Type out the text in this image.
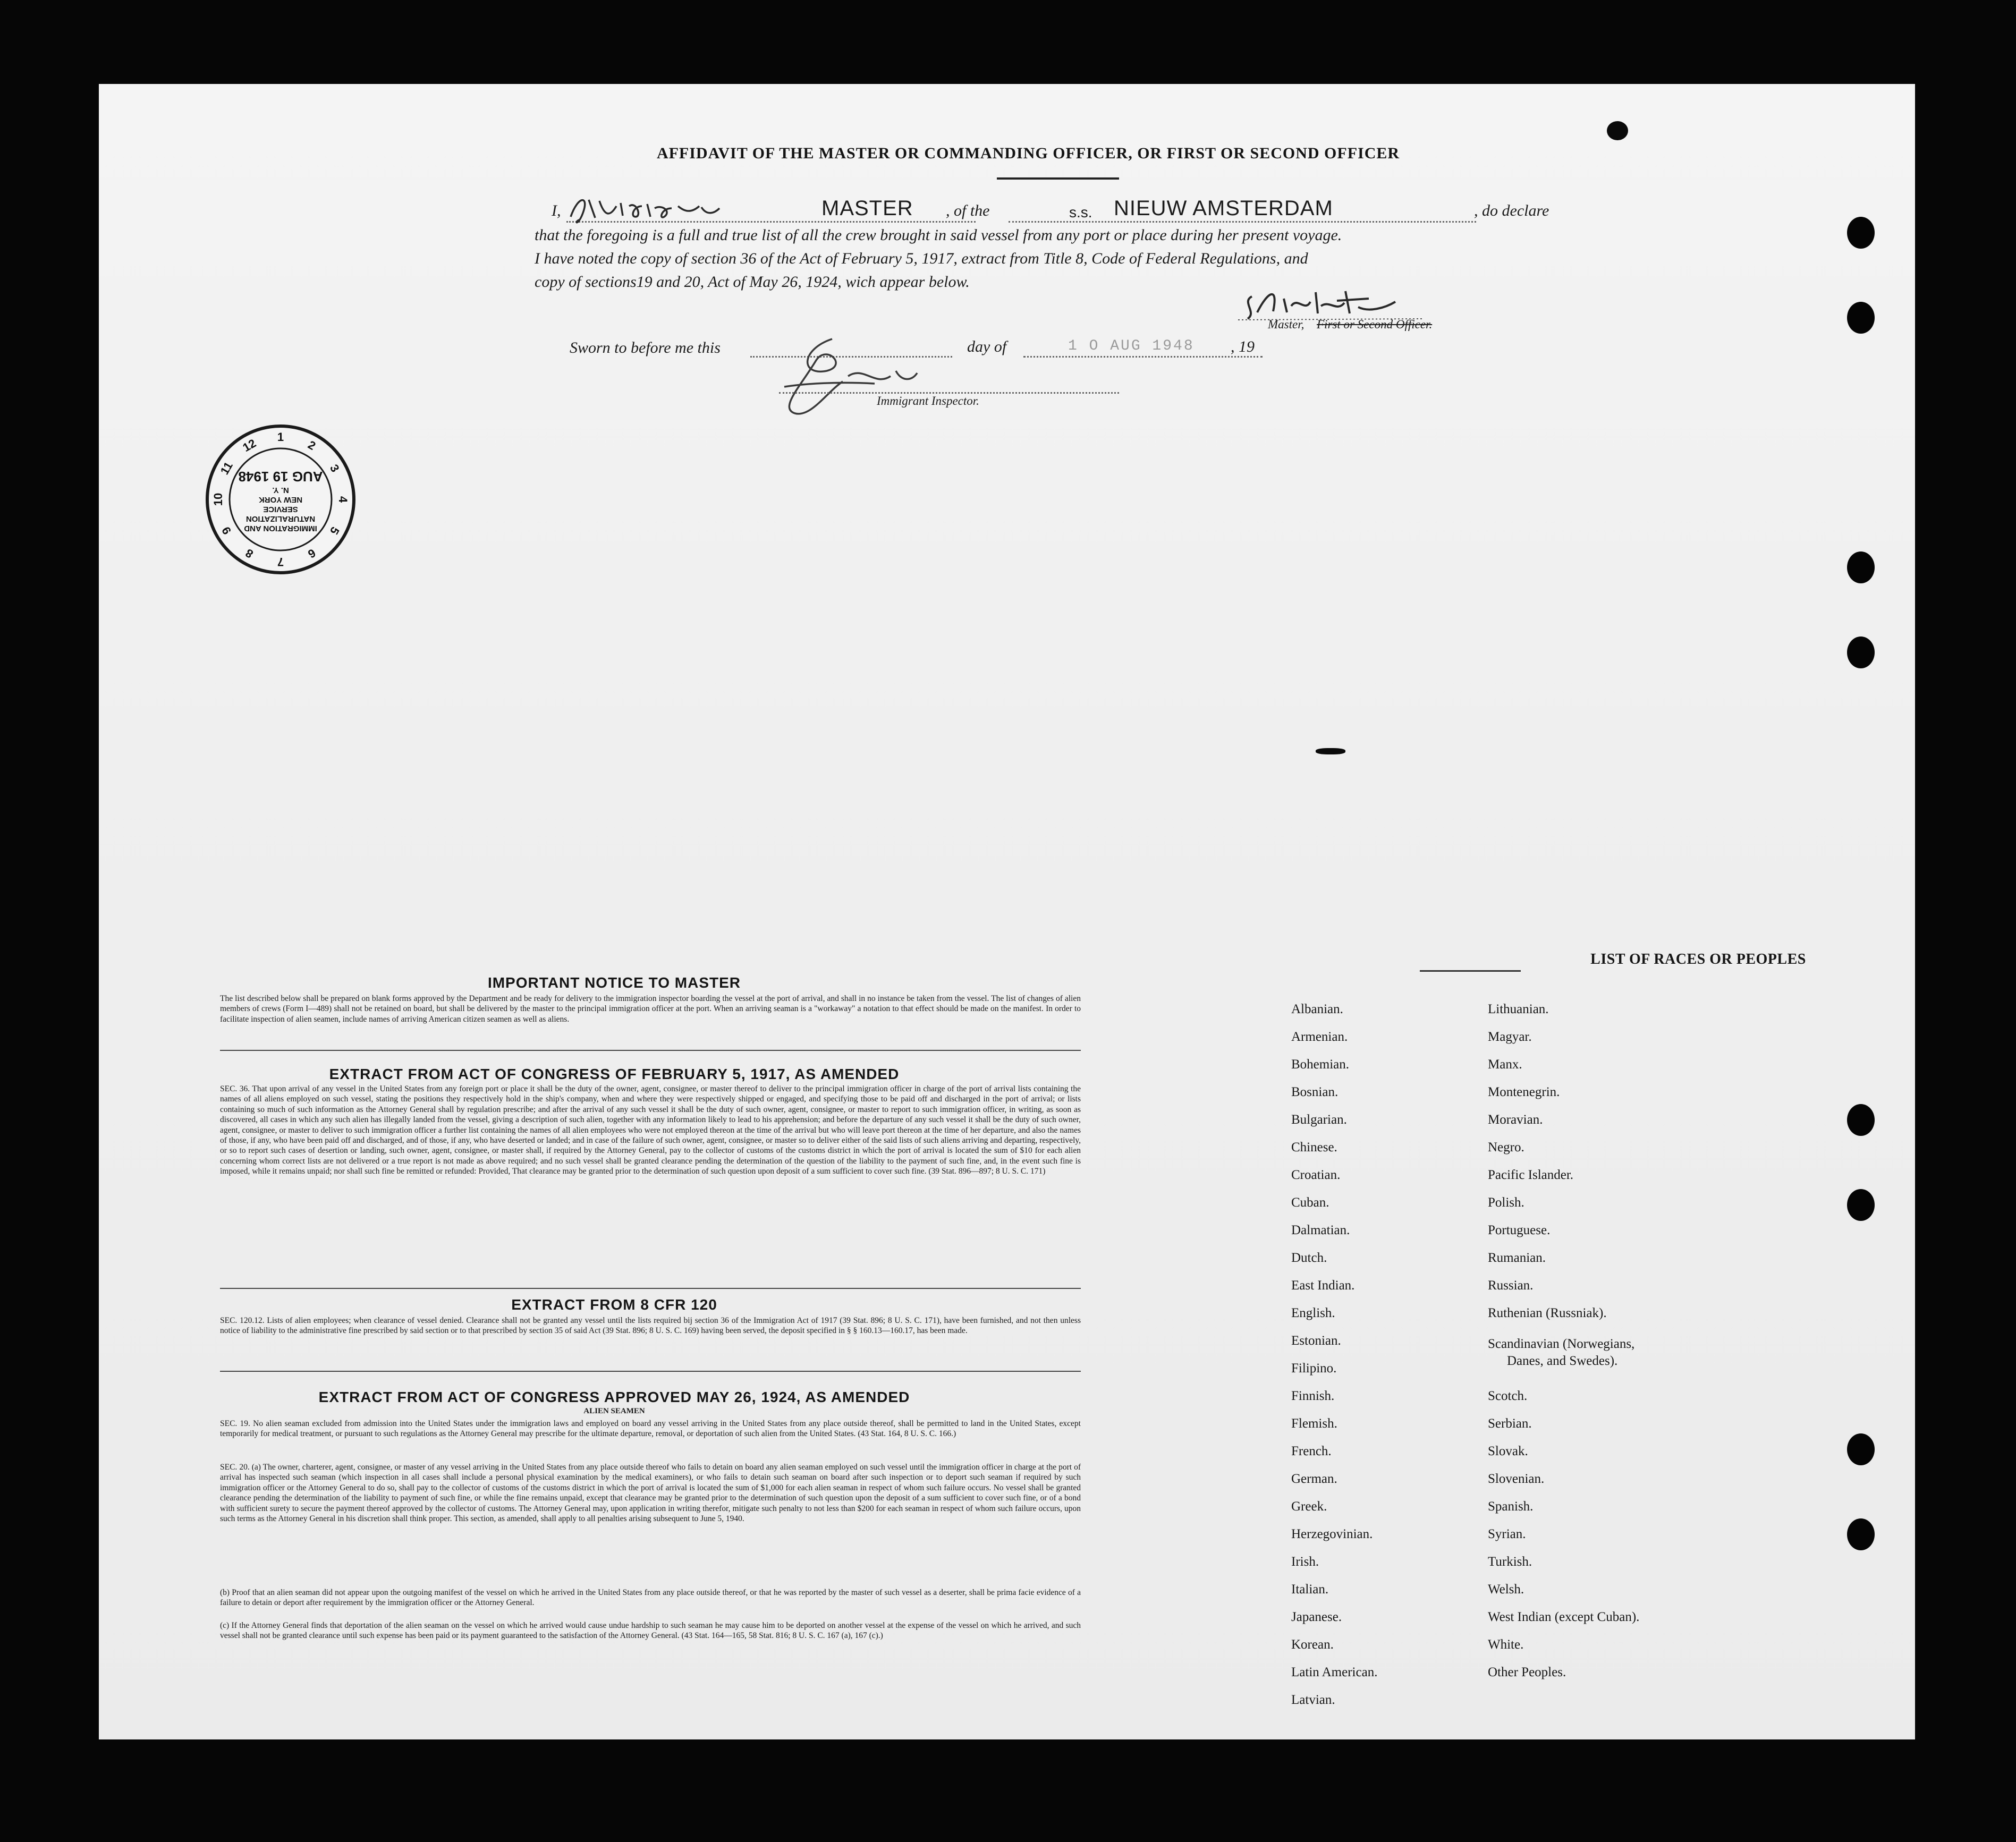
AFFIDAVIT OF THE MASTER OR COMMANDING OFFICER, OR FIRST OR SECOND OFFICER
I,	MASTER , of the	s.s. NIEUW AMSTERDAM	, do declare
that the foregoing is a full and true list of all the crew brought in said vessel from any port or place during her present voyage.
I have noted the copy of section 36 of the Act of February 5, 1917, extract from Title 8, Code of Federal Regulations, and
copy of sections19 and 20, Act of May 26, 1924, wich appear below.
Master, First or Second Officer.
Sworn to before me this	day of	1 O AUG 1948 , 19
Immigrant Inspector.
1
2
3
4
5
6
7
8
9
10
11
12
IMMIGRATION AND
NATURALIZATION
SERVICE
NEW YORK
N. Y.
AUG 19 1948
IMPORTANT NOTICE TO MASTER
The list described below shall be prepared on blank forms approved by the Department and be ready for delivery to the immigration inspector boarding the vessel at the port of arrival, and shall in no instance be taken from the vessel. The list of changes of alien members of crews (Form I—489) shall not be retained on board, but shall be delivered by the master to the principal immigration officer at the port. When an arriving seaman is a "workaway" a notation to that effect should be made on the manifest. In order to facilitate inspection of alien seamen, include names of arriving American citizen seamen as well as aliens.
EXTRACT FROM ACT OF CONGRESS OF FEBRUARY 5, 1917, AS AMENDED
SEC. 36. That upon arrival of any vessel in the United States from any foreign port or place it shall be the duty of the owner, agent, consignee, or master thereof to deliver to the principal immigration officer in charge of the port of arrival lists containing the names of all aliens employed on such vessel, stating the positions they respectively hold in the ship's company, when and where they were respectively shipped or engaged, and specifying those to be paid off and discharged in the port of arrival; or lists containing so much of such information as the Attorney General shall by regulation prescribe; and after the arrival of any such vessel it shall be the duty of such owner, agent, consignee, or master to report to such immigration officer, in writing, as soon as discovered, all cases in which any such alien has illegally landed from the vessel, giving a description of such alien, together with any information likely to lead to his apprehension; and before the departure of any such vessel it shall be the duty of such owner, agent, consignee, or master to deliver to such immigration officer a further list containing the names of all alien employees who were not employed thereon at the time of the arrival but who will leave port thereon at the time of her departure, and also the names of those, if any, who have been paid off and discharged, and of those, if any, who have deserted or landed; and in case of the failure of such owner, agent, consignee, or master so to deliver either of the said lists of such aliens arriving and departing, respectively, or so to report such cases of desertion or landing, such owner, agent, consignee, or master shall, if required by the Attorney General, pay to the collector of customs of the customs district in which the port of arrival is located the sum of $10 for each alien concerning whom correct lists are not delivered or a true report is not made as above required; and no such vessel shall be granted clearance pending the determination of the question of the liability to the payment of such fine, and, in the event such fine is imposed, while it remains unpaid; nor shall such fine be remitted or refunded: Provided, That clearance may be granted prior to the determination of such question upon deposit of a sum sufficient to cover such fine. (39 Stat. 896—897; 8 U. S. C. 171)
EXTRACT FROM 8 CFR 120
SEC. 120.12. Lists of alien employees; when clearance of vessel denied. Clearance shall not be granted any vessel until the lists required bij section 36 of the Immigration Act of 1917 (39 Stat. 896; 8 U. S. C. 171), have been furnished, and not then unless notice of liability to the administrative fine prescribed by said section or to that prescribed by section 35 of said Act (39 Stat. 896; 8 U. S. C. 169) having been served, the deposit specified in § § 160.13—160.17, has been made.
EXTRACT FROM ACT OF CONGRESS APPROVED MAY 26, 1924, AS AMENDED
ALIEN SEAMEN
SEC. 19. No alien seaman excluded from admission into the United States under the immigration laws and employed on board any vessel arriving in the United States from any place outside thereof, shall be permitted to land in the United States, except temporarily for medical treatment, or pursuant to such regulations as the Attorney General may prescribe for the ultimate departure, removal, or deportation of such alien from the United States. (43 Stat. 164, 8 U. S. C. 166.)
SEC. 20. (a) The owner, charterer, agent, consignee, or master of any vessel arriving in the United States from any place outside thereof who fails to detain on board any alien seaman employed on such vessel until the immigration officer in charge at the port of arrival has inspected such seaman (which inspection in all cases shall include a personal physical examination by the medical examiners), or who fails to detain such seaman on board after such inspection or to deport such seaman if required by such immigration officer or the Attorney General to do so, shall pay to the collector of customs of the customs district in which the port of arrival is located the sum of $1,000 for each alien seaman in respect of whom such failure occurs. No vessel shall be granted clearance pending the determination of the liability to payment of such fine, or while the fine remains unpaid, except that clearance may be granted prior to the determination of such question upon the deposit of a sum sufficient to cover such fine, or of a bond with sufficient surety to secure the payment thereof approved by the collector of customs. The Attorney General may, upon application in writing therefor, mitigate such penalty to not less than $200 for each seaman in respect of whom such failure occurs, upon such terms as the Attorney General in his discretion shall think proper. This section, as amended, shall apply to all penalties arising subsequent to June 5, 1940.
(b) Proof that an alien seaman did not appear upon the outgoing manifest of the vessel on which he arrived in the United States from any place outside thereof, or that he was reported by the master of such vessel as a deserter, shall be prima facie evidence of a failure to detain or deport after requirement by the immigration officer or the Attorney General.
(c) If the Attorney General finds that deportation of the alien seaman on the vessel on which he arrived would cause undue hardship to such seaman he may cause him to be deported on another vessel at the expense of the vessel on which he arrived, and such vessel shall not be granted clearance until such expense has been paid or its payment guaranteed to the satisfaction of the Attorney General. (43 Stat. 164—165, 58 Stat. 816; 8 U. S. C. 167 (a), 167 (c).)
LIST OF RACES OR PEOPLES
Albanian.
Armenian.
Bohemian.
Bosnian.
Bulgarian.
Chinese.
Croatian.
Cuban.
Dalmatian.
Dutch.
East Indian.
English.
Estonian.
Filipino.
Finnish.
Flemish.
French.
German.
Greek.
Herzegovinian.
Irish.
Italian.
Japanese.
Korean.
Latin American.
Latvian.
Lithuanian.
Magyar.
Manx.
Montenegrin.
Moravian.
Negro.
Pacific Islander.
Polish.
Portuguese.
Rumanian.
Russian.
Ruthenian (Russniak).
Scandinavian (Norwegians,
Danes, and Swedes).
Scotch.
Serbian.
Slovak.
Slovenian.
Spanish.
Syrian.
Turkish.
Welsh.
West Indian (except Cuban).
White.
Other Peoples.
